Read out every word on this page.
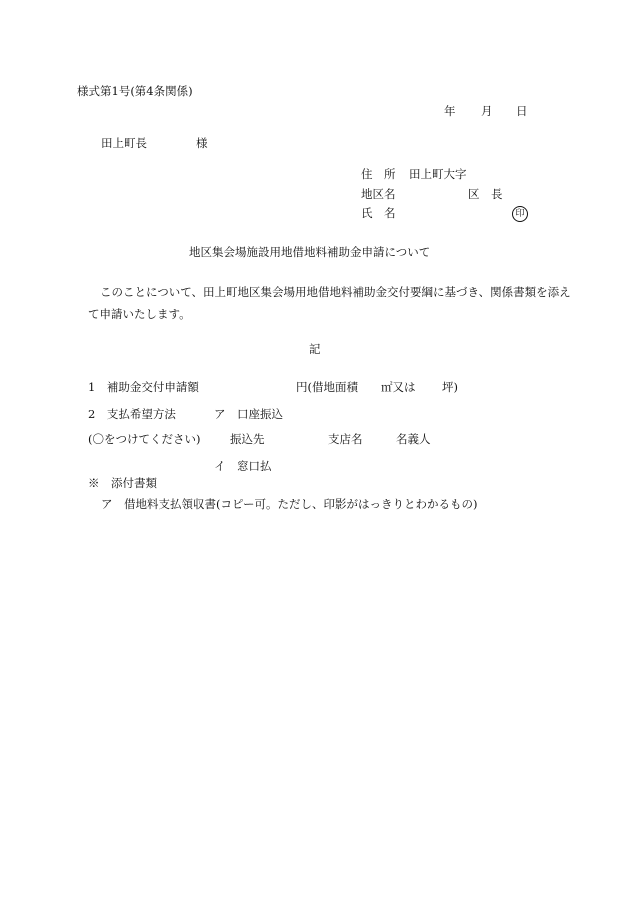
様式第1号(第4条関係)
年 月 日
田上町長	様
住　所 田上町大字
地区名	区　長
氏　名	印
地区集会場施設用地借地料補助金申請について
このことについて、田上町地区集会場用地借地料補助金交付要綱に基づき、関係書類を添えて申請いたします。
記
1　補助金交付申請額	円(借地面積 ㎡又は 坪)
2　支払希望方法	ア　口座振込
(〇をつけてください)	振込先	支店名	名義人
イ　窓口払
※　添付書類
ア　借地料支払領収書(コピー可。ただし、印影がはっきりとわかるもの)
